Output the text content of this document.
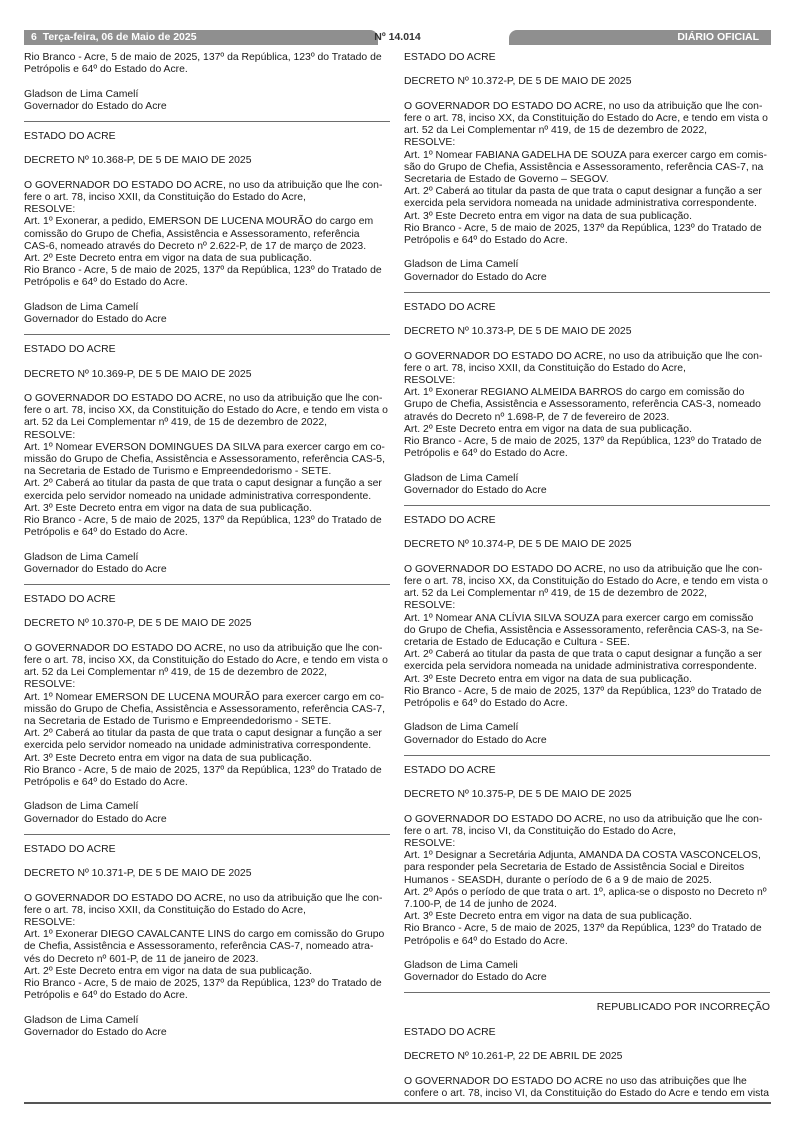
6 Terça-feira, 06 de Maio de 2025	Nº 14.014	DIÁRIO OFICIAL
Rio Branco - Acre, 5 de maio de 2025, 137º da República, 123º do Tratado de
Petrópolis e 64º do Estado do Acre.
Gladson de Lima Camelí
Governador do Estado do Acre
ESTADO DO ACRE
DECRETO Nº 10.368-P, DE 5 DE MAIO DE 2025
O GOVERNADOR DO ESTADO DO ACRE, no uso da atribuição que lhe con-
fere o art. 78, inciso XXII, da Constituição do Estado do Acre,
RESOLVE:
Art. 1º Exonerar, a pedido, EMERSON DE LUCENA MOURÃO do cargo em
comissão do Grupo de Chefia, Assistência e Assessoramento, referência
CAS-6, nomeado através do Decreto nº 2.622-P, de 17 de março de 2023.
Art. 2º Este Decreto entra em vigor na data de sua publicação.
Rio Branco - Acre, 5 de maio de 2025, 137º da República, 123º do Tratado de
Petrópolis e 64º do Estado do Acre.
Gladson de Lima Camelí
Governador do Estado do Acre
ESTADO DO ACRE
DECRETO Nº 10.369-P, DE 5 DE MAIO DE 2025
O GOVERNADOR DO ESTADO DO ACRE, no uso da atribuição que lhe con-
fere o art. 78, inciso XX, da Constituição do Estado do Acre, e tendo em vista o
art. 52 da Lei Complementar nº 419, de 15 de dezembro de 2022,
RESOLVE:
Art. 1º Nomear EVERSON DOMINGUES DA SILVA para exercer cargo em co-
missão do Grupo de Chefia, Assistência e Assessoramento, referência CAS-5,
na Secretaria de Estado de Turismo e Empreendedorismo - SETE.
Art. 2º Caberá ao titular da pasta de que trata o caput designar a função a ser
exercida pelo servidor nomeado na unidade administrativa correspondente.
Art. 3º Este Decreto entra em vigor na data de sua publicação.
Rio Branco - Acre, 5 de maio de 2025, 137º da República, 123º do Tratado de
Petrópolis e 64º do Estado do Acre.
Gladson de Lima Camelí
Governador do Estado do Acre
ESTADO DO ACRE
DECRETO Nº 10.370-P, DE 5 DE MAIO DE 2025
O GOVERNADOR DO ESTADO DO ACRE, no uso da atribuição que lhe con-
fere o art. 78, inciso XX, da Constituição do Estado do Acre, e tendo em vista o
art. 52 da Lei Complementar nº 419, de 15 de dezembro de 2022,
RESOLVE:
Art. 1º Nomear EMERSON DE LUCENA MOURÃO para exercer cargo em co-
missão do Grupo de Chefia, Assistência e Assessoramento, referência CAS-7,
na Secretaria de Estado de Turismo e Empreendedorismo - SETE.
Art. 2º Caberá ao titular da pasta de que trata o caput designar a função a ser
exercida pelo servidor nomeado na unidade administrativa correspondente.
Art. 3º Este Decreto entra em vigor na data de sua publicação.
Rio Branco - Acre, 5 de maio de 2025, 137º da República, 123º do Tratado de
Petrópolis e 64º do Estado do Acre.
Gladson de Lima Camelí
Governador do Estado do Acre
ESTADO DO ACRE
DECRETO Nº 10.371-P, DE 5 DE MAIO DE 2025
O GOVERNADOR DO ESTADO DO ACRE, no uso da atribuição que lhe con-
fere o art. 78, inciso XXII, da Constituição do Estado do Acre,
RESOLVE:
Art. 1º Exonerar DIEGO CAVALCANTE LINS do cargo em comissão do Grupo
de Chefia, Assistência e Assessoramento, referência CAS-7, nomeado atra-
vés do Decreto nº 601-P, de 11 de janeiro de 2023.
Art. 2º Este Decreto entra em vigor na data de sua publicação.
Rio Branco - Acre, 5 de maio de 2025, 137º da República, 123º do Tratado de
Petrópolis e 64º do Estado do Acre.
Gladson de Lima Camelí
Governador do Estado do Acre
ESTADO DO ACRE
DECRETO Nº 10.372-P, DE 5 DE MAIO DE 2025
O GOVERNADOR DO ESTADO DO ACRE, no uso da atribuição que lhe con-
fere o art. 78, inciso XX, da Constituição do Estado do Acre, e tendo em vista o
art. 52 da Lei Complementar nº 419, de 15 de dezembro de 2022,
RESOLVE:
Art. 1º Nomear FABIANA GADELHA DE SOUZA para exercer cargo em comis-
são do Grupo de Chefia, Assistência e Assessoramento, referência CAS-7, na
Secretaria de Estado de Governo – SEGOV.
Art. 2º Caberá ao titular da pasta de que trata o caput designar a função a ser
exercida pela servidora nomeada na unidade administrativa correspondente.
Art. 3º Este Decreto entra em vigor na data de sua publicação.
Rio Branco - Acre, 5 de maio de 2025, 137º da República, 123º do Tratado de
Petrópolis e 64º do Estado do Acre.
Gladson de Lima Camelí
Governador do Estado do Acre
ESTADO DO ACRE
DECRETO Nº 10.373-P, DE 5 DE MAIO DE 2025
O GOVERNADOR DO ESTADO DO ACRE, no uso da atribuição que lhe con-
fere o art. 78, inciso XXII, da Constituição do Estado do Acre,
RESOLVE:
Art. 1º Exonerar REGIANO ALMEIDA BARROS do cargo em comissão do
Grupo de Chefia, Assistência e Assessoramento, referência CAS-3, nomeado
através do Decreto nº 1.698-P, de 7 de fevereiro de 2023.
Art. 2º Este Decreto entra em vigor na data de sua publicação.
Rio Branco - Acre, 5 de maio de 2025, 137º da República, 123º do Tratado de
Petrópolis e 64º do Estado do Acre.
Gladson de Lima Camelí
Governador do Estado do Acre
ESTADO DO ACRE
DECRETO Nº 10.374-P, DE 5 DE MAIO DE 2025
O GOVERNADOR DO ESTADO DO ACRE, no uso da atribuição que lhe con-
fere o art. 78, inciso XX, da Constituição do Estado do Acre, e tendo em vista o
art. 52 da Lei Complementar nº 419, de 15 de dezembro de 2022,
RESOLVE:
Art. 1º Nomear ANA CLÍVIA SILVA SOUZA para exercer cargo em comissão
do Grupo de Chefia, Assistência e Assessoramento, referência CAS-3, na Se-
cretaria de Estado de Educação e Cultura - SEE.
Art. 2º Caberá ao titular da pasta de que trata o caput designar a função a ser
exercida pela servidora nomeada na unidade administrativa correspondente.
Art. 3º Este Decreto entra em vigor na data de sua publicação.
Rio Branco - Acre, 5 de maio de 2025, 137º da República, 123º do Tratado de
Petrópolis e 64º do Estado do Acre.
Gladson de Lima Camelí
Governador do Estado do Acre
ESTADO DO ACRE
DECRETO Nº 10.375-P, DE 5 DE MAIO DE 2025
O GOVERNADOR DO ESTADO DO ACRE, no uso da atribuição que lhe con-
fere o art. 78, inciso VI, da Constituição do Estado do Acre,
RESOLVE:
Art. 1º Designar a Secretária Adjunta, AMANDA DA COSTA VASCONCELOS,
para responder pela Secretaria de Estado de Assistência Social e Direitos
Humanos - SEASDH, durante o período de 6 a 9 de maio de 2025.
Art. 2º Após o período de que trata o art. 1º, aplica-se o disposto no Decreto nº
7.100-P, de 14 de junho de 2024.
Art. 3º Este Decreto entra em vigor na data de sua publicação.
Rio Branco - Acre, 5 de maio de 2025, 137º da República, 123º do Tratado de
Petrópolis e 64º do Estado do Acre.
Gladson de Lima Cameli
Governador do Estado do Acre
REPUBLICADO POR INCORREÇÃO
ESTADO DO ACRE
DECRETO Nº 10.261-P, 22 DE ABRIL DE 2025
O GOVERNADOR DO ESTADO DO ACRE no uso das atribuições que lhe
confere o art. 78, inciso VI, da Constituição do Estado do Acre e tendo em vista
